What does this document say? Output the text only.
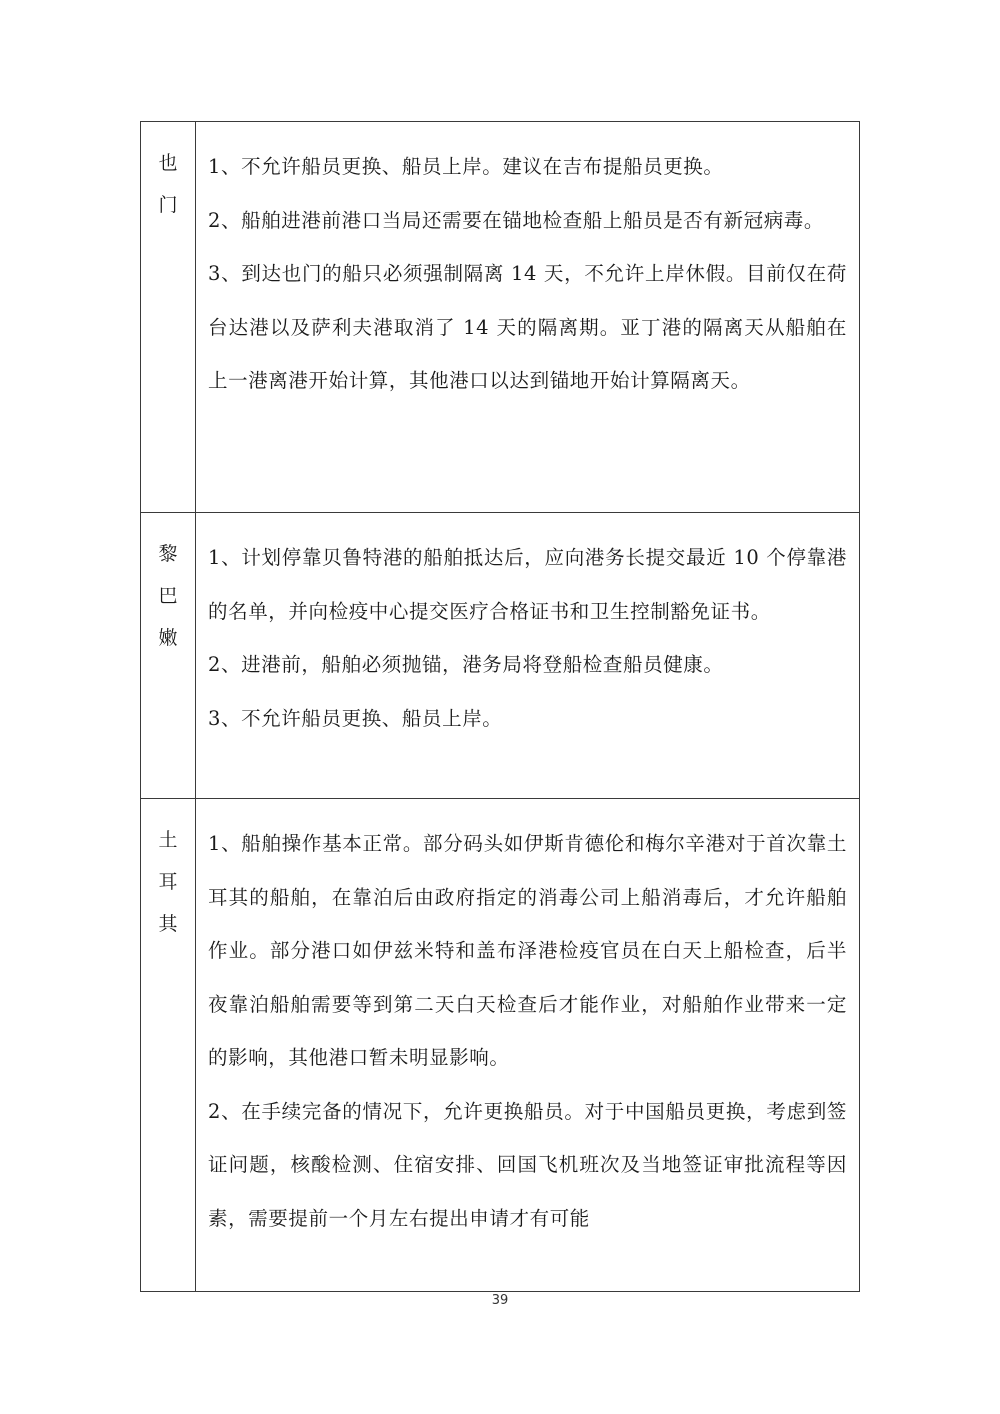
也门

1、不允许船员更换、船员上岸。建议在吉布提船员更换。

2、船舶进港前港口当局还需要在锚地检查船上船员是否有新冠病毒。

3、到达也门的船只必须强制隔离 14 天，不允许上岸休假。目前仅在荷台达港以及萨利夫港取消了 14 天的隔离期。亚丁港的隔离天从船舶在上一港离港开始计算，其他港口以达到锚地开始计算隔离天。

黎巴嫩

1、计划停靠贝鲁特港的船舶抵达后，应向港务长提交最近 10 个停靠港的名单，并向检疫中心提交医疗合格证书和卫生控制豁免证书。

2、进港前，船舶必须抛锚，港务局将登船检查船员健康。

3、不允许船员更换、船员上岸。

土耳其

1、船舶操作基本正常。部分码头如伊斯肯德伦和梅尔辛港对于首次靠土耳其的船舶，在靠泊后由政府指定的消毒公司上船消毒后，才允许船舶作业。部分港口如伊兹米特和盖布泽港检疫官员在白天上船检查，后半夜靠泊船舶需要等到第二天白天检查后才能作业，对船舶作业带来一定的影响，其他港口暂未明显影响。

2、在手续完备的情况下，允许更换船员。对于中国船员更换，考虑到签证问题，核酸检测、住宿安排、回国飞机班次及当地签证审批流程等因素，需要提前一个月左右提出申请才有可能

39
